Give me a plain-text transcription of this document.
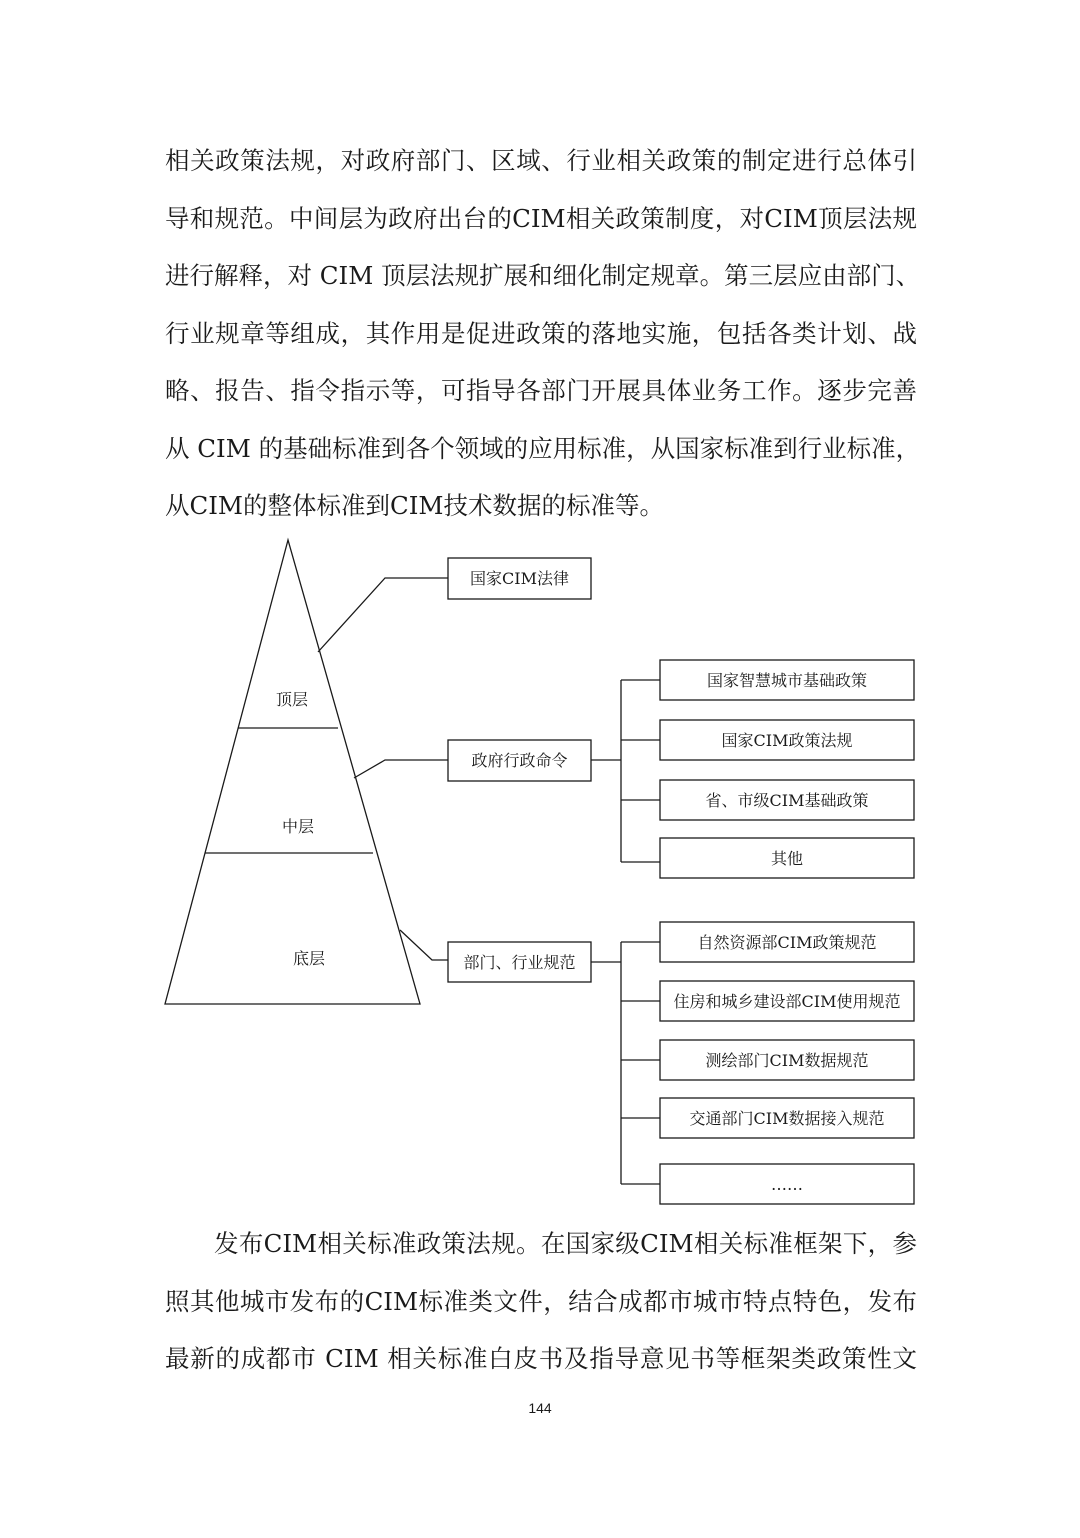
相关政策法规，对政府部门、区域、行业相关政策的制定进行总体引
导和规范。中间层为政府出台的CIM相关政策制度，对CIM顶层法规
进行解释，对 CIM 顶层法规扩展和细化制定规章。第三层应由部门、
行业规章等组成，其作用是促进政策的落地实施，包括各类计划、战
略、报告、指令指示等，可指导各部门开展具体业务工作。逐步完善
从 CIM 的基础标准到各个领域的应用标准，从国家标准到行业标准，
从CIM的整体标准到CIM技术数据的标准等。
顶层
中层
底层
国家CIM法律
政府行政命令
部门、行业规范
国家智慧城市基础政策
国家CIM政策法规
省、市级CIM基础政策
其他
自然资源部CIM政策规范
住房和城乡建设部CIM使用规范
测绘部门CIM数据规范
交通部门CIM数据接入规范
……
发布CIM相关标准政策法规。在国家级CIM相关标准框架下，参
照其他城市发布的CIM标准类文件，结合成都市城市特点特色，发布
最新的成都市 CIM 相关标准白皮书及指导意见书等框架类政策性文
144
